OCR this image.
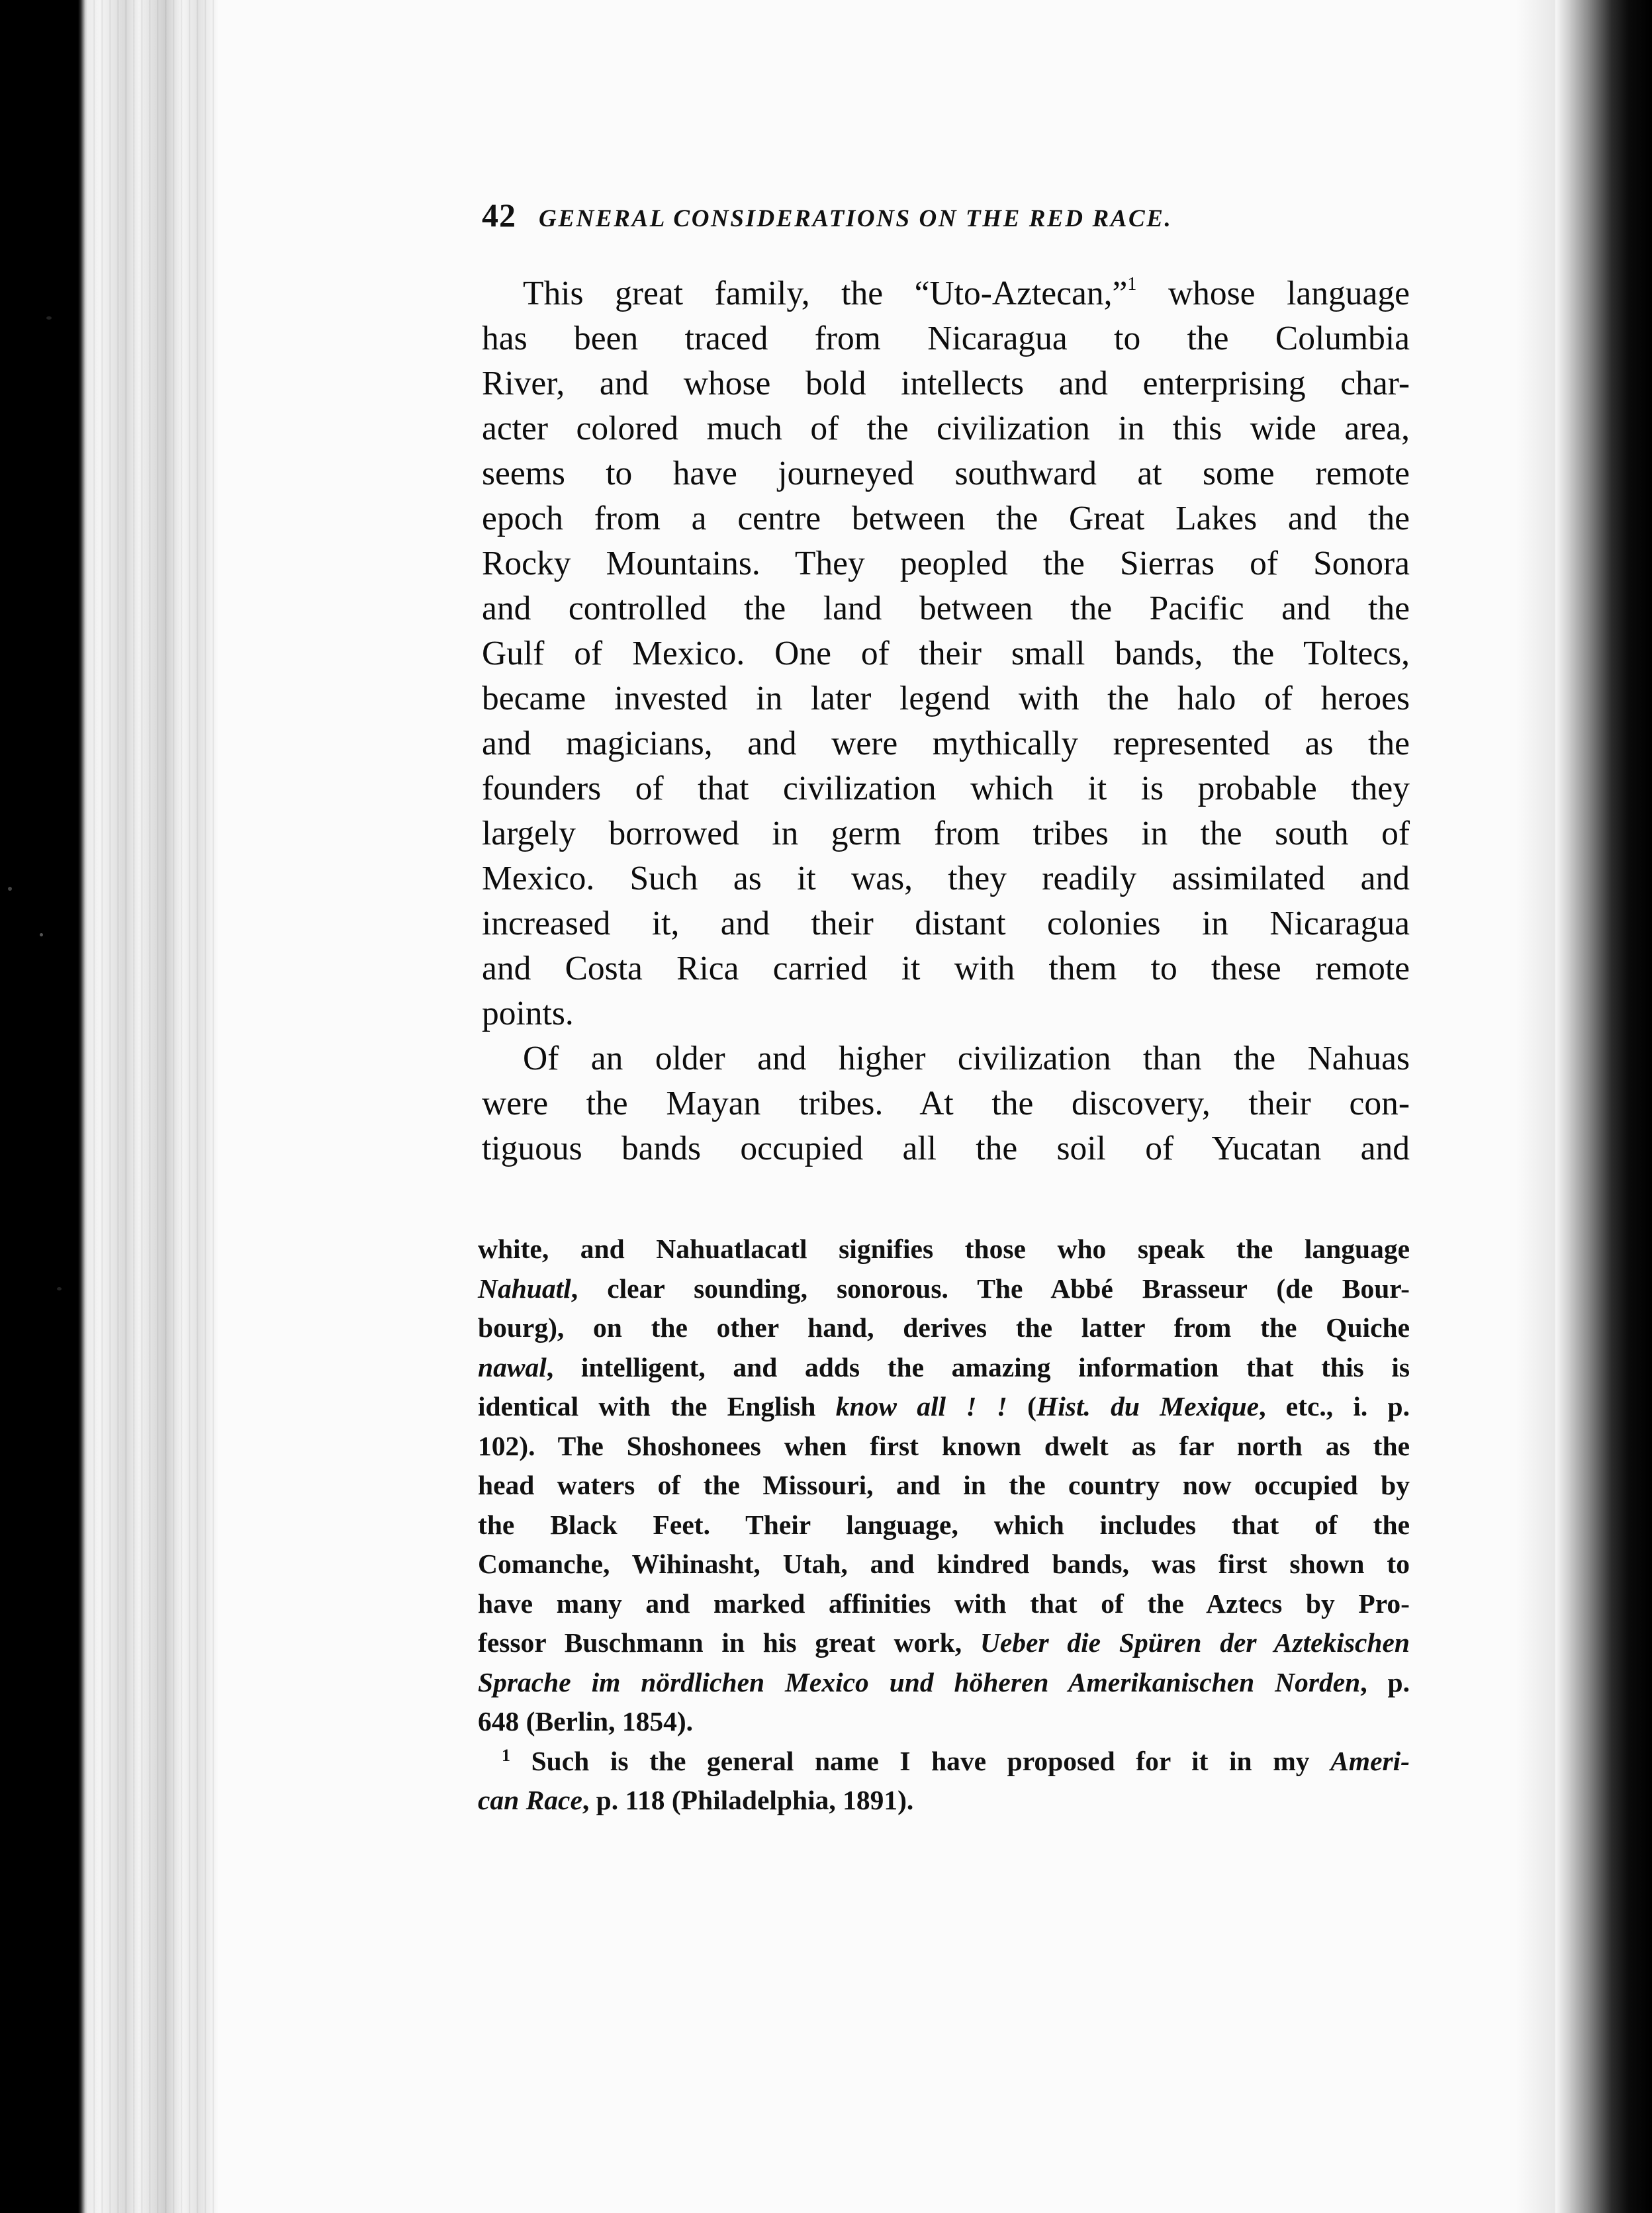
42 GENERAL CONSIDERATIONS ON THE RED RACE.
This great family, the “Uto-Aztecan,”$^1$ whose language
has been traced from Nicaragua to the Columbia
River, and whose bold intellects and enterprising char-
acter colored much of the civilization in this wide area,
seems to have journeyed southward at some remote
epoch from a centre between the Great Lakes and the
Rocky Mountains. They peopled the Sierras of Sonora
and controlled the land between the Pacific and the
Gulf of Mexico. One of their small bands, the Toltecs,
became invested in later legend with the halo of heroes
and magicians, and were mythically represented as the
founders of that civilization which it is probable they
largely borrowed in germ from tribes in the south of
Mexico. Such as it was, they readily assimilated and
increased it, and their distant colonies in Nicaragua
and Costa Rica carried it with them to these remote
points.
Of an older and higher civilization than the Nahuas
were the Mayan tribes. At the discovery, their con-
tiguous bands occupied all the soil of Yucatan and
white, and Nahuatlacatl signifies those who speak the language
Nahuatl, clear sounding, sonorous. The Abbé Brasseur (de Bour-
bourg), on the other hand, derives the latter from the Quiche
nawal, intelligent, and adds the amazing information that this is
identical with the English know all ! ! (Hist. du Mexique, etc., i. p.
102). The Shoshonees when first known dwelt as far north as the
head waters of the Missouri, and in the country now occupied by
the Black Feet. Their language, which includes that of the
Comanche, Wihinasht, Utah, and kindred bands, was first shown to
have many and marked affinities with that of the Aztecs by Pro-
fessor Buschmann in his great work, Ueber die Spüren der Aztekischen
Sprache im nördlichen Mexico und höheren Amerikanischen Norden, p.
648 (Berlin, 1854).
$^1$ Such is the general name I have proposed for it in my Ameri-
can Race, p. 118 (Philadelphia, 1891).
